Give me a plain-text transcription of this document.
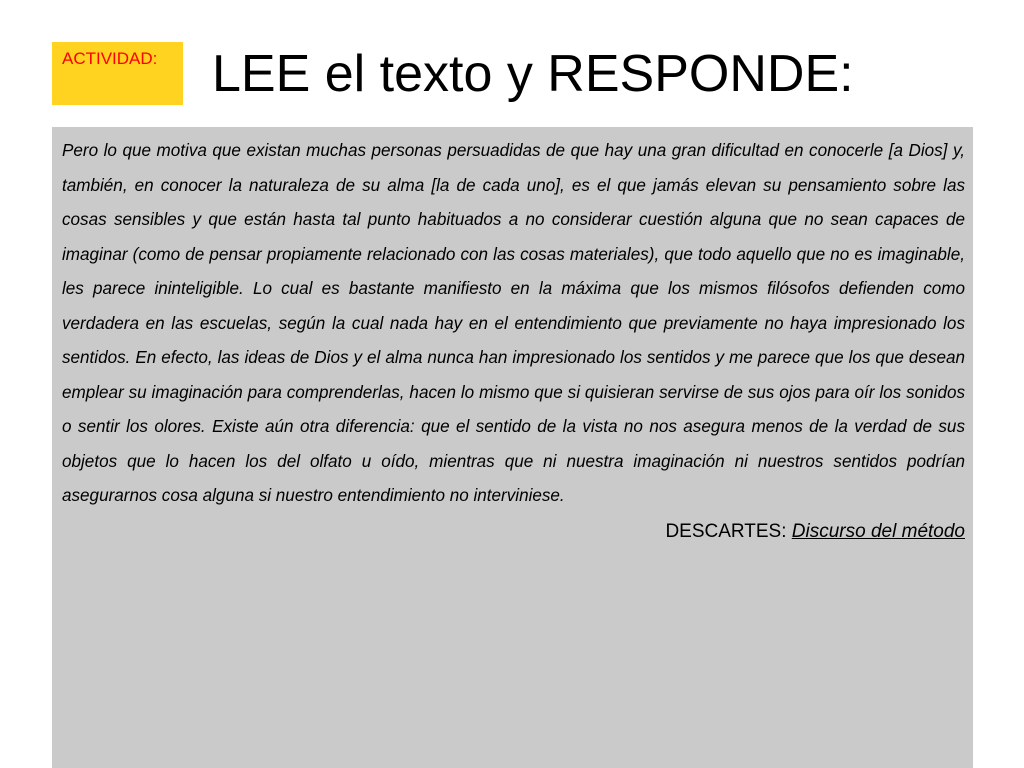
ACTIVIDAD: LEE el texto y RESPONDE:

Pero lo que motiva que existan muchas personas persuadidas de que hay una gran dificultad en conocerle [a Dios] y, también, en conocer la naturaleza de su alma [la de cada uno], es el que jamás elevan su pensamiento sobre las cosas sensibles y que están hasta tal punto habituados a no considerar cuestión alguna que no sean capaces de imaginar (como de pensar propiamente relacionado con las cosas materiales), que todo aquello que no es imaginable, les parece ininteligible. Lo cual es bastante manifiesto en la máxima que los mismos filósofos defienden como verdadera en las escuelas, según la cual nada hay en el entendimiento que previamente no haya impresionado los sentidos. En efecto, las ideas de Dios y el alma nunca han impresionado los sentidos y me parece que los que desean emplear su imaginación para comprenderlas, hacen lo mismo que si quisieran servirse de sus ojos para oír los sonidos o sentir los olores. Existe aún otra diferencia: que el sentido de la vista no nos asegura menos de la verdad de sus objetos que lo hacen los del olfato u oído, mientras que ni nuestra imaginación ni nuestros sentidos podrían asegurarnos cosa alguna si nuestro entendimiento no interviniese.

DESCARTES: Discurso del método
